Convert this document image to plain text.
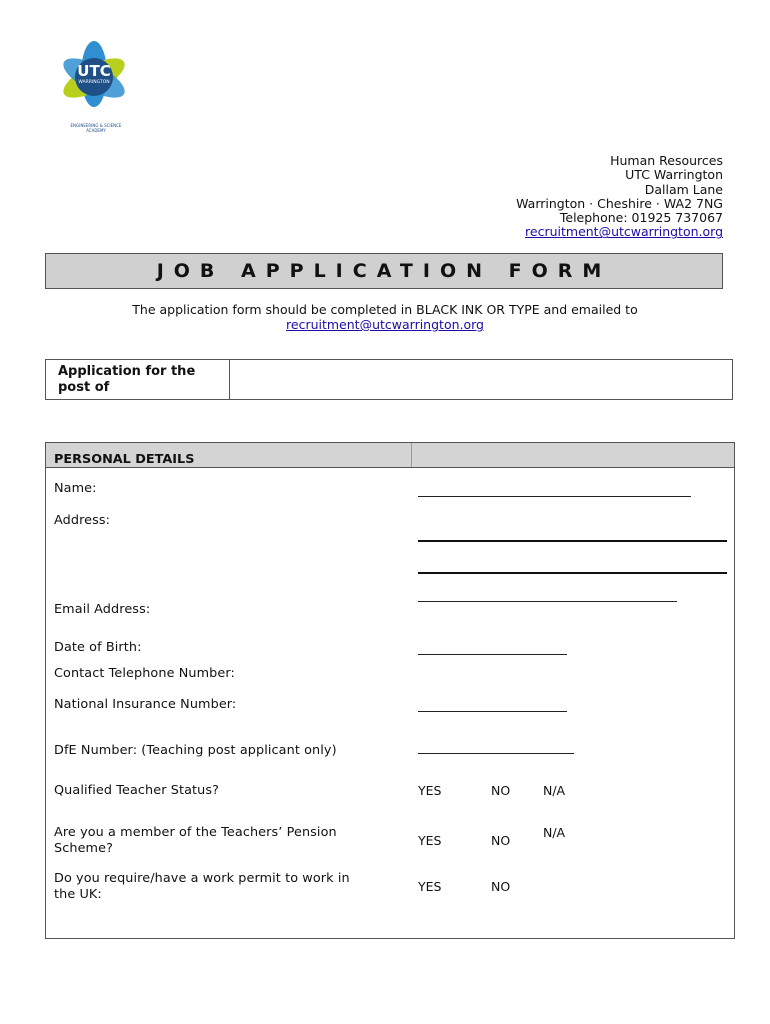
UTC
WARRINGTON
ENGINEERING & SCIENCE
ACADEMY
Human Resources
UTC Warrington
Dallam Lane
Warrington · Cheshire · WA2 7NG
Telephone: 01925 737067
recruitment@utcwarrington.org
JOB APPLICATION FORM
The application form should be completed in BLACK INK OR TYPE and emailed to
recruitment@utcwarrington.org
Application for the
post of
PERSONAL DETAILS
Name:
Address:
Email Address:
Date of Birth:
Contact Telephone Number:
National Insurance Number:
DfE Number: (Teaching post applicant only)
Qualified Teacher Status?	YES	NO	N/A
Are you a member of the Teachers’ Pension
Scheme?
YES	NO
N/A
Do you require/have a work permit to work in
the UK:
YES	NO
